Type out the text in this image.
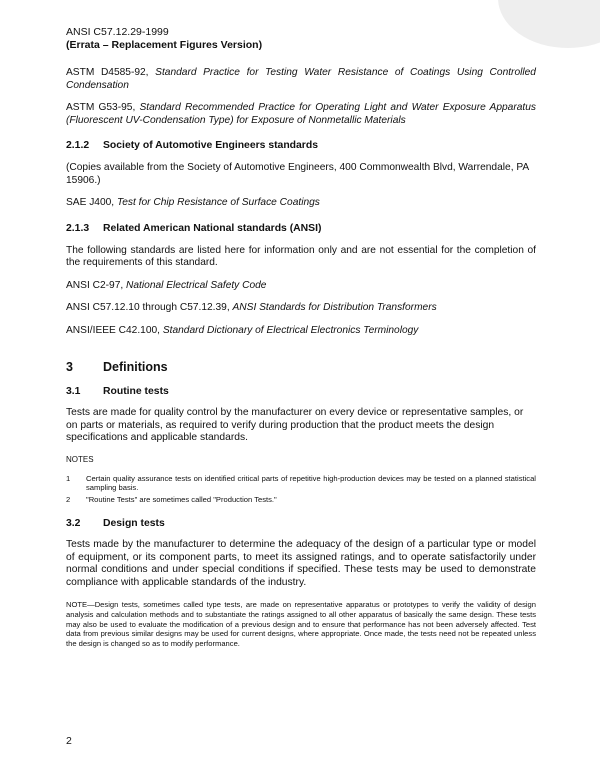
ANSI C57.12.29-1999

(Errata – Replacement Figures Version)

ASTM D4585-92, Standard Practice for Testing Water Resistance of Coatings Using Controlled Condensation

ASTM G53-95, Standard Recommended Practice for Operating Light and Water Exposure Apparatus (Fluorescent UV-Condensation Type) for Exposure of Nonmetallic Materials

2.1.2	Society of Automotive Engineers standards

(Copies available from the Society of Automotive Engineers, 400 Commonwealth Blvd, Warrendale, PA 15906.)

SAE J400, Test for Chip Resistance of Surface Coatings

2.1.3	Related American National standards (ANSI)

The following standards are listed here for information only and are not essential for the completion of the requirements of this standard.

ANSI C2-97, National Electrical Safety Code

ANSI C57.12.10 through C57.12.39, ANSI Standards for Distribution Transformers

ANSI/IEEE C42.100, Standard Dictionary of Electrical Electronics Terminology

3	Definitions
3.1	Routine tests

Tests are made for quality control by the manufacturer on every device or representative samples, or on parts or materials, as required to verify during production that the product meets the design specifications and applicable standards.

NOTES

1	Certain quality assurance tests on identified critical parts of repetitive high-production devices may be tested on a planned statistical sampling basis.
2	"Routine Tests" are sometimes called "Production Tests."
3.2	Design tests

Tests made by the manufacturer to determine the adequacy of the design of a particular type or model of equipment, or its component parts, to meet its assigned ratings, and to operate satisfactorily under normal conditions and under special conditions if specified. These tests may be used to demonstrate compliance with applicable standards of the industry.

NOTE—Design tests, sometimes called type tests, are made on representative apparatus or prototypes to verify the validity of design analysis and calculation methods and to substantiate the ratings assigned to all other apparatus of basically the same design. These tests may also be used to evaluate the modification of a previous design and to ensure that performance has not been adversely affected. Test data from previous similar designs may be used for current designs, where appropriate. Once made, the tests need not be repeated unless the design is changed so as to modify performance.

2
